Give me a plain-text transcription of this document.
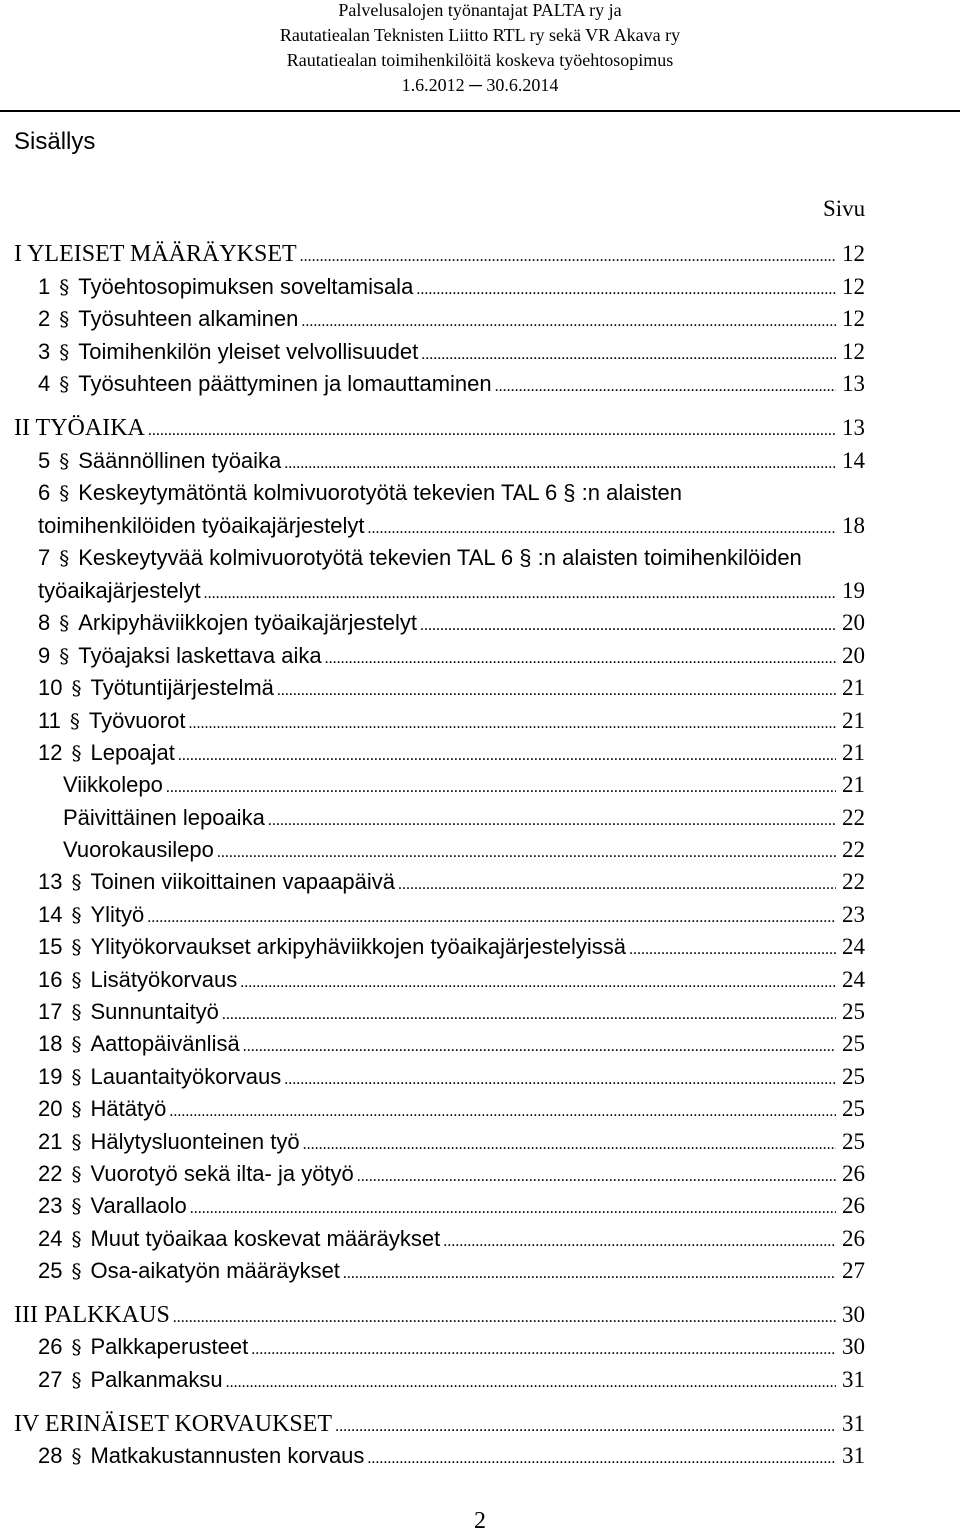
Palvelusalojen työnantajat PALTA ry ja
Rautatiealan Teknisten Liitto RTL ry sekä VR Akava ry
Rautatiealan toimihenkilöitä koskeva työehtosopimus
1.6.2012 ─ 30.6.2014
Sisällys
Sivu
I YLEISET MÄÄRÄYKSET .....	12
1 § Työehtosopimuksen soveltamisala .....	12
2 § Työsuhteen alkaminen .....	12
3 § Toimihenkilön yleiset velvollisuudet .....	12
4 § Työsuhteen päättyminen ja lomauttaminen .....	13
II TYÖAIKA .....	13
5 § Säännöllinen työaika .....	14
6 § Keskeytymätöntä kolmivuorotyötä tekevien TAL 6 § :n alaisten
toimihenkilöiden työaikajärjestelyt .....	18
7 § Keskeytyvää kolmivuorotyötä tekevien TAL 6 § :n alaisten toimihenkilöiden
työaikajärjestelyt .....	19
8 § Arkipyhäviikkojen työaikajärjestelyt .....	20
9 § Työajaksi laskettava aika .....	20
10 § Työtuntijärjestelmä .....	21
11 § Työvuorot .....	21
12 § Lepoajat .....	21
Viikkolepo .....	21
Päivittäinen lepoaika .....	22
Vuorokausilepo .....	22
13 § Toinen viikoittainen vapaapäivä .....	22
14 § Ylityö .....	23
15 § Ylityökorvaukset arkipyhäviikkojen työaikajärjestelyissä .....	24
16 § Lisätyökorvaus .....	24
17 § Sunnuntaityö .....	25
18 § Aattopäivänlisä .....	25
19 § Lauantaityökorvaus .....	25
20 § Hätätyö .....	25
21 § Hälytysluonteinen työ .....	25
22 § Vuorotyö sekä ilta- ja yötyö .....	26
23 § Varallaolo .....	26
24 § Muut työaikaa koskevat määräykset .....	26
25 § Osa-aikatyön määräykset .....	27
III PALKKAUS .....	30
26 § Palkkaperusteet .....	30
27 § Palkanmaksu .....	31
IV ERINÄISET KORVAUKSET .....	31
28 § Matkakustannusten korvaus .....	31
2
